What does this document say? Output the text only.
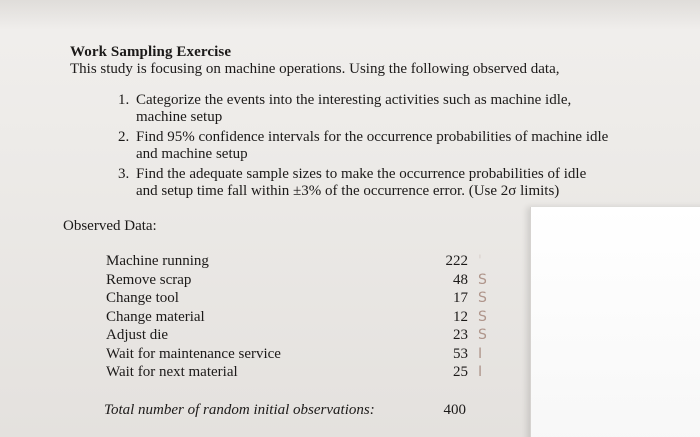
Work Sampling Exercise
This study is focusing on machine operations. Using the following observed data,
1. Categorize the events into the interesting activities such as machine idle,
machine setup
2. Find 95% confidence intervals for the occurrence probabilities of machine idle
and machine setup
3. Find the adequate sample sizes to make the occurrence probabilities of idle
and setup time fall within ±3% of the occurrence error. (Use 2σ limits)
Observed Data:
Machine running	222 '
Remove scrap	48 S
Change tool	17 S
Change material	12 S
Adjust die	23 S
Wait for maintenance service	53 I
Wait for next material	25 I
Total number of random initial observations:	400
